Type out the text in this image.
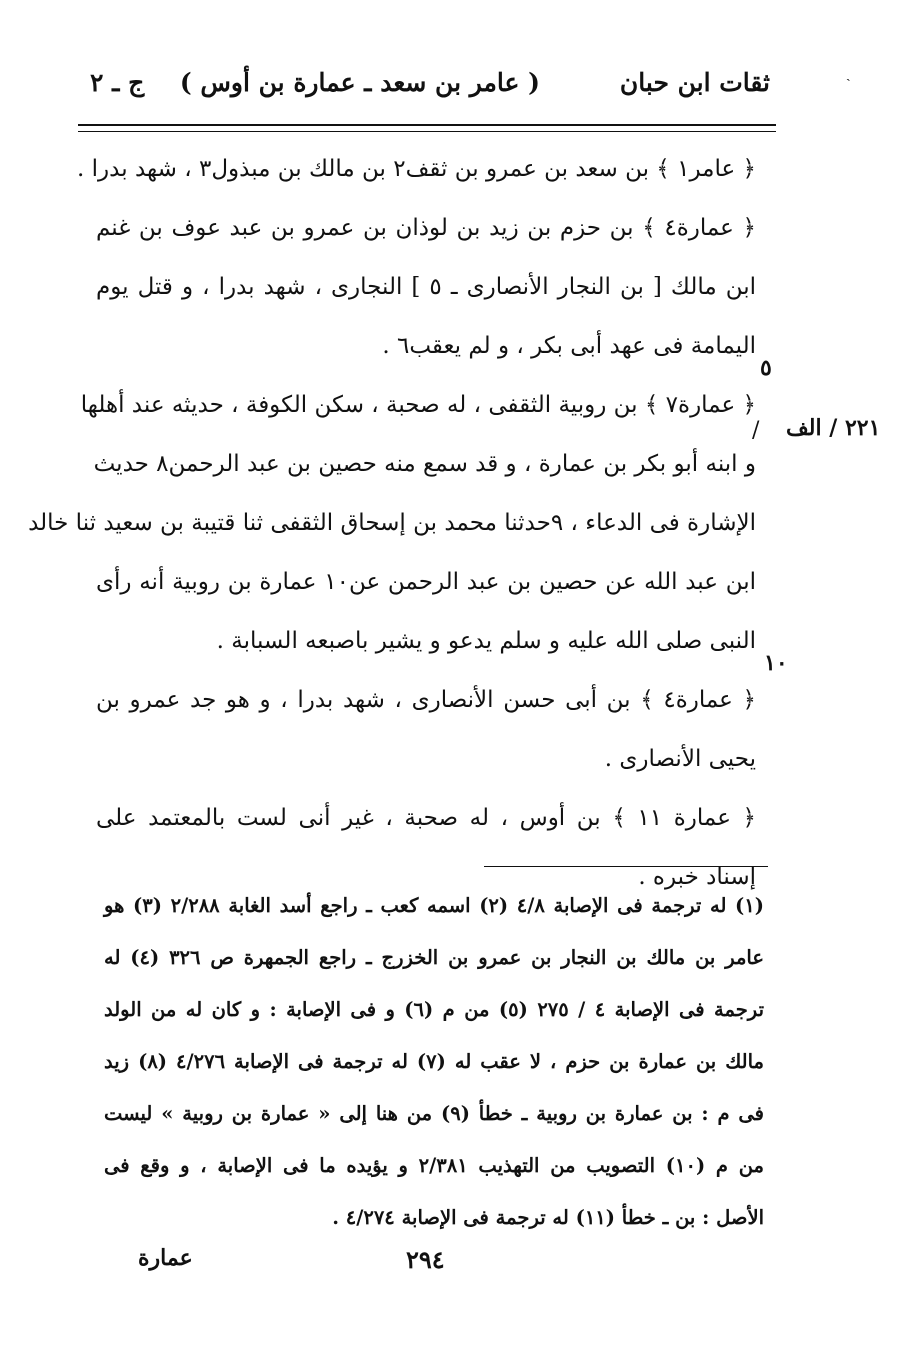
ˎ
ثقات ابن حبان
( عامر بن سعد ـ عمارة بن أوس )
ج ـ ٢
٥
١٠
٢٢١ / الف
/
﴿ عامر١ ﴾ بن سعد بن عمرو بن ثقف٢ بن مالك بن مبذول٣ ، شهد بدرا .
﴿ عمارة٤ ﴾ بن حزم بن زيد بن لوذان بن عمرو بن عبد عوف بن غنم
ابن مالك [ بن النجار الأنصارى ـ ٥ ] النجارى ، شهد بدرا ، و قتل يوم
اليمامة فى عهد أبى بكر ، و لم يعقب٦ .
﴿ عمارة٧ ﴾ بن روبية الثقفى ، له صحبة ، سكن الكوفة ، حديثه عند أهلها
و ابنه أبو بكر بن عمارة ، و قد سمع منه حصين بن عبد الرحمن٨ حديث
الإشارة فى الدعاء ، ٩حدثنا محمد بن إسحاق الثقفى ثنا قتيبة بن سعيد ثنا خالد
ابن عبد الله عن حصين بن عبد الرحمن عن١٠ عمارة بن روبية أنه رأى
النبى صلى الله عليه و سلم يدعو و يشير باصبعه السبابة .
﴿ عمارة٤ ﴾ بن أبى حسن الأنصارى ، شهد بدرا ، و هو جد عمرو بن
يحيى الأنصارى .
﴿ عمارة ١١ ﴾ بن أوس ، له صحبة ، غير أنى لست بالمعتمد على
إسناد خبره .
(١) له ترجمة فى الإصابة ٤/٨ (٢) اسمه كعب ـ راجع أسد الغابة ٢/٢٨٨ (٣) هو
عامر بن مالك بن النجار بن عمرو بن الخزرج ـ راجع الجمهرة ص ٣٢٦ (٤) له
ترجمة فى الإصابة ٤ / ٢٧٥ (٥) من م (٦) و فى الإصابة : و كان له من الولد
مالك بن عمارة بن حزم ، لا عقب له (٧) له ترجمة فى الإصابة ٤/٢٧٦ (٨) زيد
فى م : بن عمارة بن روبية ـ خطأ (٩) من هنا إلى « عمارة بن روبية » ليست
من م (١٠) التصويب من التهذيب ٢/٣٨١ و يؤيده ما فى الإصابة ، و وقع فى
الأصل : بن ـ خطأ (١١) له ترجمة فى الإصابة ٤/٢٧٤ .
٢٩٤
عمارة
